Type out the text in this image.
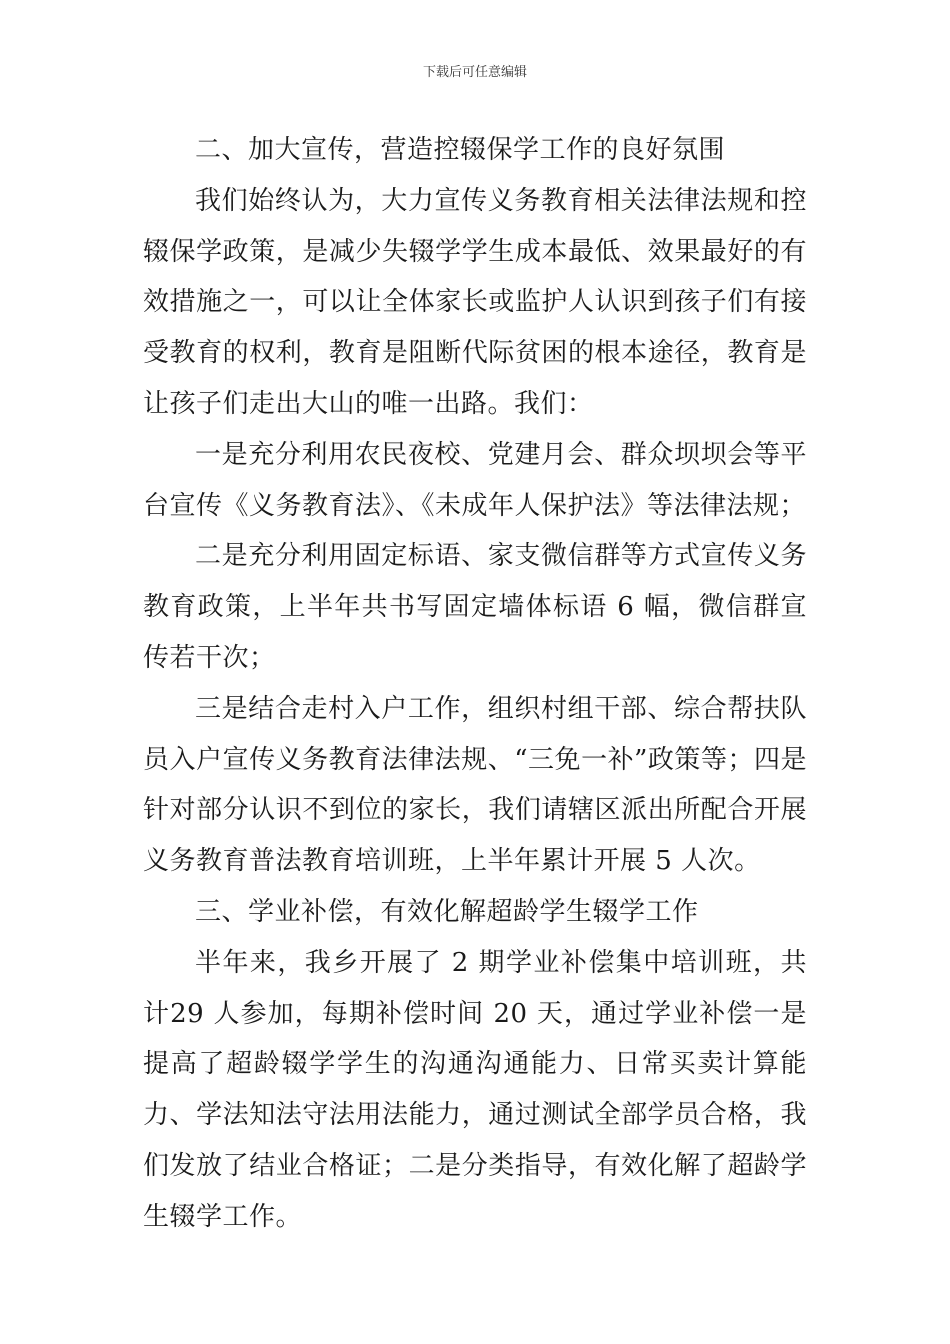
下载后可任意编辑

二、加大宣传，营造控辍保学工作的良好氛围

我们始终认为，大力宣传义务教育相关法律法规和控辍保学政策，是减少失辍学学生成本最低、效果最好的有效措施之一，可以让全体家长或监护人认识到孩子们有接受教育的权利，教育是阻断代际贫困的根本途径，教育是让孩子们走出大山的唯一出路。我们：

一是充分利用农民夜校、党建月会、群众坝坝会等平台宣传《义务教育法》、《未成年人保护法》等法律法规；

二是充分利用固定标语、家支微信群等方式宣传义务教育政策，上半年共书写固定墙体标语 6 幅，微信群宣传若干次；

三是结合走村入户工作，组织村组干部、综合帮扶队员入户宣传义务教育法律法规、“三免一补”政策等；四是针对部分认识不到位的家长，我们请辖区派出所配合开展义务教育普法教育培训班，上半年累计开展 5 人次。

三、学业补偿，有效化解超龄学生辍学工作

半年来，我乡开展了 2 期学业补偿集中培训班，共计29 人参加，每期补偿时间 20 天，通过学业补偿一是提高了超龄辍学学生的沟通沟通能力、日常买卖计算能力、学法知法守法用法能力，通过测试全部学员合格，我们发放了结业合格证；二是分类指导，有效化解了超龄学生辍学工作。
